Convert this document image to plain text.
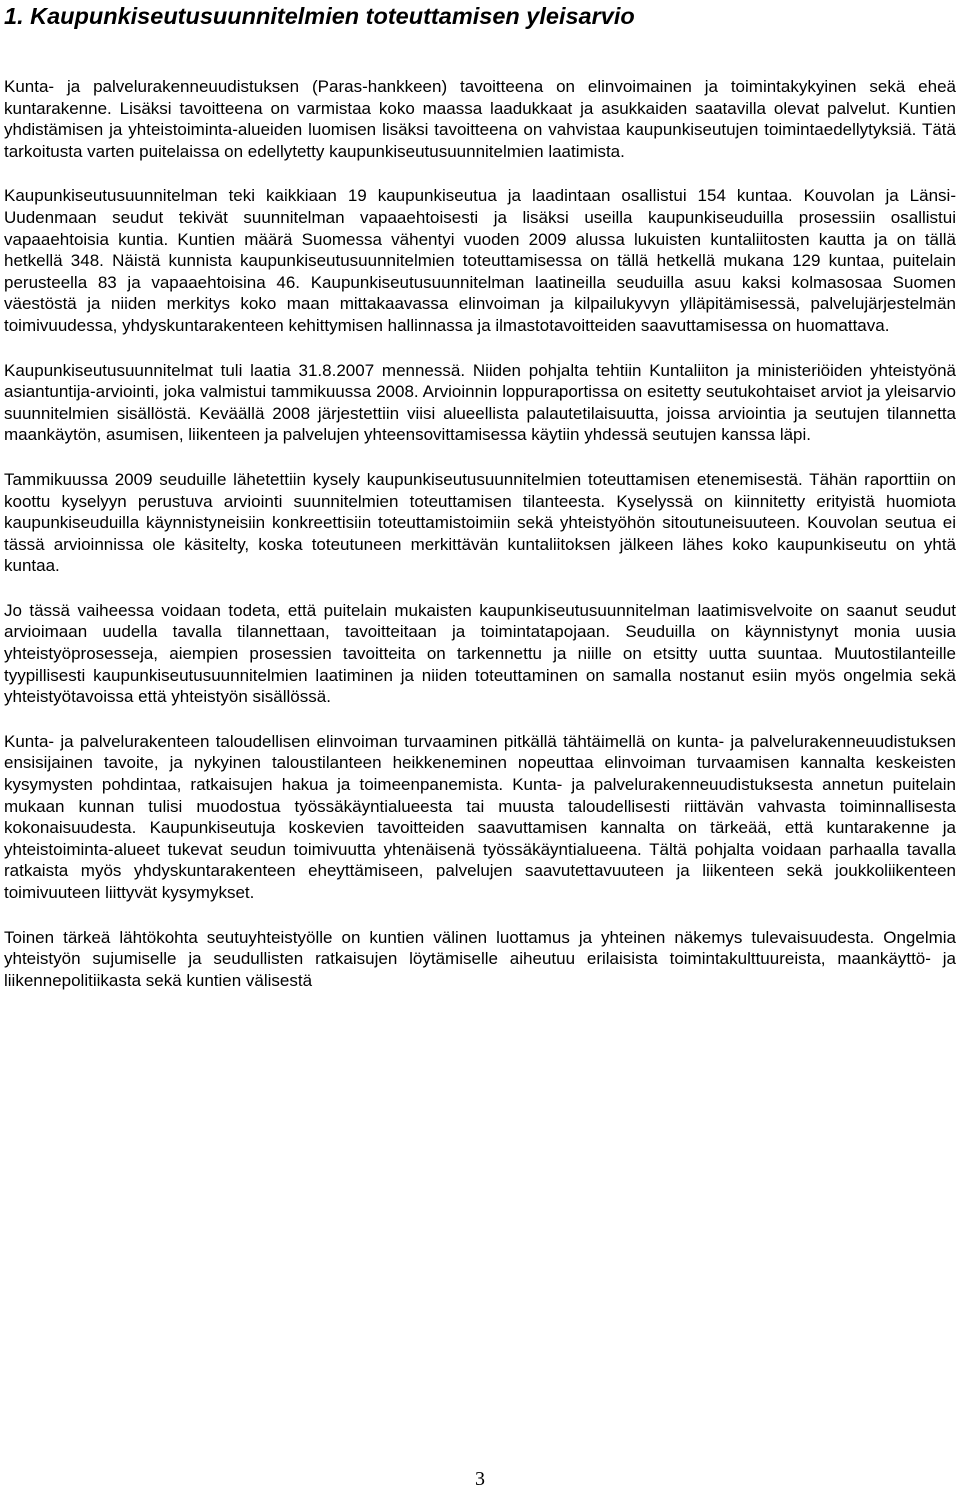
1. Kaupunkiseutusuunnitelmien toteuttamisen yleisarvio

Kunta- ja palvelurakenneuudistuksen (Paras-hankkeen) tavoitteena on elinvoimainen ja toimintakykyinen sekä eheä kuntarakenne. Lisäksi tavoitteena on varmistaa koko maassa laadukkaat ja asukkaiden saatavilla olevat palvelut. Kuntien yhdistämisen ja yhteistoiminta-alueiden luomisen lisäksi tavoitteena on vahvistaa kaupunkiseutujen toimintaedellytyksiä. Tätä tarkoitusta varten puitelaissa on edellytetty kaupunkiseutusuunnitelmien laatimista.

Kaupunkiseutusuunnitelman teki kaikkiaan 19 kaupunkiseutua ja laadintaan osallistui 154 kuntaa. Kouvolan ja Länsi-Uudenmaan seudut tekivät suunnitelman vapaaehtoisesti ja lisäksi useilla kaupunkiseuduilla prosessiin osallistui vapaaehtoisia kuntia. Kuntien määrä Suomessa vähentyi vuoden 2009 alussa lukuisten kuntaliitosten kautta ja on tällä hetkellä 348. Näistä kunnista kaupunkiseutusuunnitelmien toteuttamisessa on tällä hetkellä mukana 129 kuntaa, puitelain perusteella 83 ja vapaaehtoisina 46. Kaupunkiseutusuunnitelman laatineilla seuduilla asuu kaksi kolmasosaa Suomen väestöstä ja niiden merkitys koko maan mittakaavassa elinvoiman ja kilpailukyvyn ylläpitämisessä, palvelujärjestelmän toimivuudessa, yhdyskuntarakenteen kehittymisen hallinnassa ja ilmastotavoitteiden saavuttamisessa on huomattava.

Kaupunkiseutusuunnitelmat tuli laatia 31.8.2007 mennessä. Niiden pohjalta tehtiin Kuntaliiton ja ministeriöiden yhteistyönä asiantuntija-arviointi, joka valmistui tammikuussa 2008. Arvioinnin loppuraportissa on esitetty seutukohtaiset arviot ja yleisarvio suunnitelmien sisällöstä. Keväällä 2008 järjestettiin viisi alueellista palautetilaisuutta, joissa arviointia ja seutujen tilannetta maankäytön, asumisen, liikenteen ja palvelujen yhteensovittamisessa käytiin yhdessä seutujen kanssa läpi.

Tammikuussa 2009 seuduille lähetettiin kysely kaupunkiseutusuunnitelmien toteuttamisen etenemisestä. Tähän raporttiin on koottu kyselyyn perustuva arviointi suunnitelmien toteuttamisen tilanteesta. Kyselyssä on kiinnitetty erityistä huomiota kaupunkiseuduilla käynnistyneisiin konkreettisiin toteuttamistoimiin sekä yhteistyöhön sitoutuneisuuteen. Kouvolan seutua ei tässä arvioinnissa ole käsitelty, koska toteutuneen merkittävän kuntaliitoksen jälkeen lähes koko kaupunkiseutu on yhtä kuntaa.

Jo tässä vaiheessa voidaan todeta, että puitelain mukaisten kaupunkiseutusuunnitelman laatimisvelvoite on saanut seudut arvioimaan uudella tavalla tilannettaan, tavoitteitaan ja toimintatapojaan. Seuduilla on käynnistynyt monia uusia yhteistyöprosesseja, aiempien prosessien tavoitteita on tarkennettu ja niille on etsitty uutta suuntaa. Muutostilanteille tyypillisesti kaupunkiseutusuunnitelmien laatiminen ja niiden toteuttaminen on samalla nostanut esiin myös ongelmia sekä yhteistyötavoissa että yhteistyön sisällössä.

Kunta- ja palvelurakenteen taloudellisen elinvoiman turvaaminen pitkällä tähtäimellä on kunta- ja palvelurakenneuudistuksen ensisijainen tavoite, ja nykyinen taloustilanteen heikkeneminen nopeuttaa elinvoiman turvaamisen kannalta keskeisten kysymysten pohdintaa, ratkaisujen hakua ja toimeenpanemista. Kunta- ja palvelurakenneuudistuksesta annetun puitelain mukaan kunnan tulisi muodostua työssäkäyntialueesta tai muusta taloudellisesti riittävän vahvasta toiminnallisesta kokonaisuudesta. Kaupunkiseutuja koskevien tavoitteiden saavuttamisen kannalta on tärkeää, että kuntarakenne ja yhteistoiminta-alueet tukevat seudun toimivuutta yhtenäisenä työssäkäyntialueena. Tältä pohjalta voidaan parhaalla tavalla ratkaista myös yhdyskuntarakenteen eheyttämiseen, palvelujen saavutettavuuteen ja liikenteen sekä joukkoliikenteen toimivuuteen liittyvät kysymykset.

Toinen tärkeä lähtökohta seutuyhteistyölle on kuntien välinen luottamus ja yhteinen näkemys tulevaisuudesta. Ongelmia yhteistyön sujumiselle ja seudullisten ratkaisujen löytämiselle aiheutuu erilaisista toimintakulttuureista, maankäyttö- ja liikennepolitiikasta sekä kuntien välisestä

3
